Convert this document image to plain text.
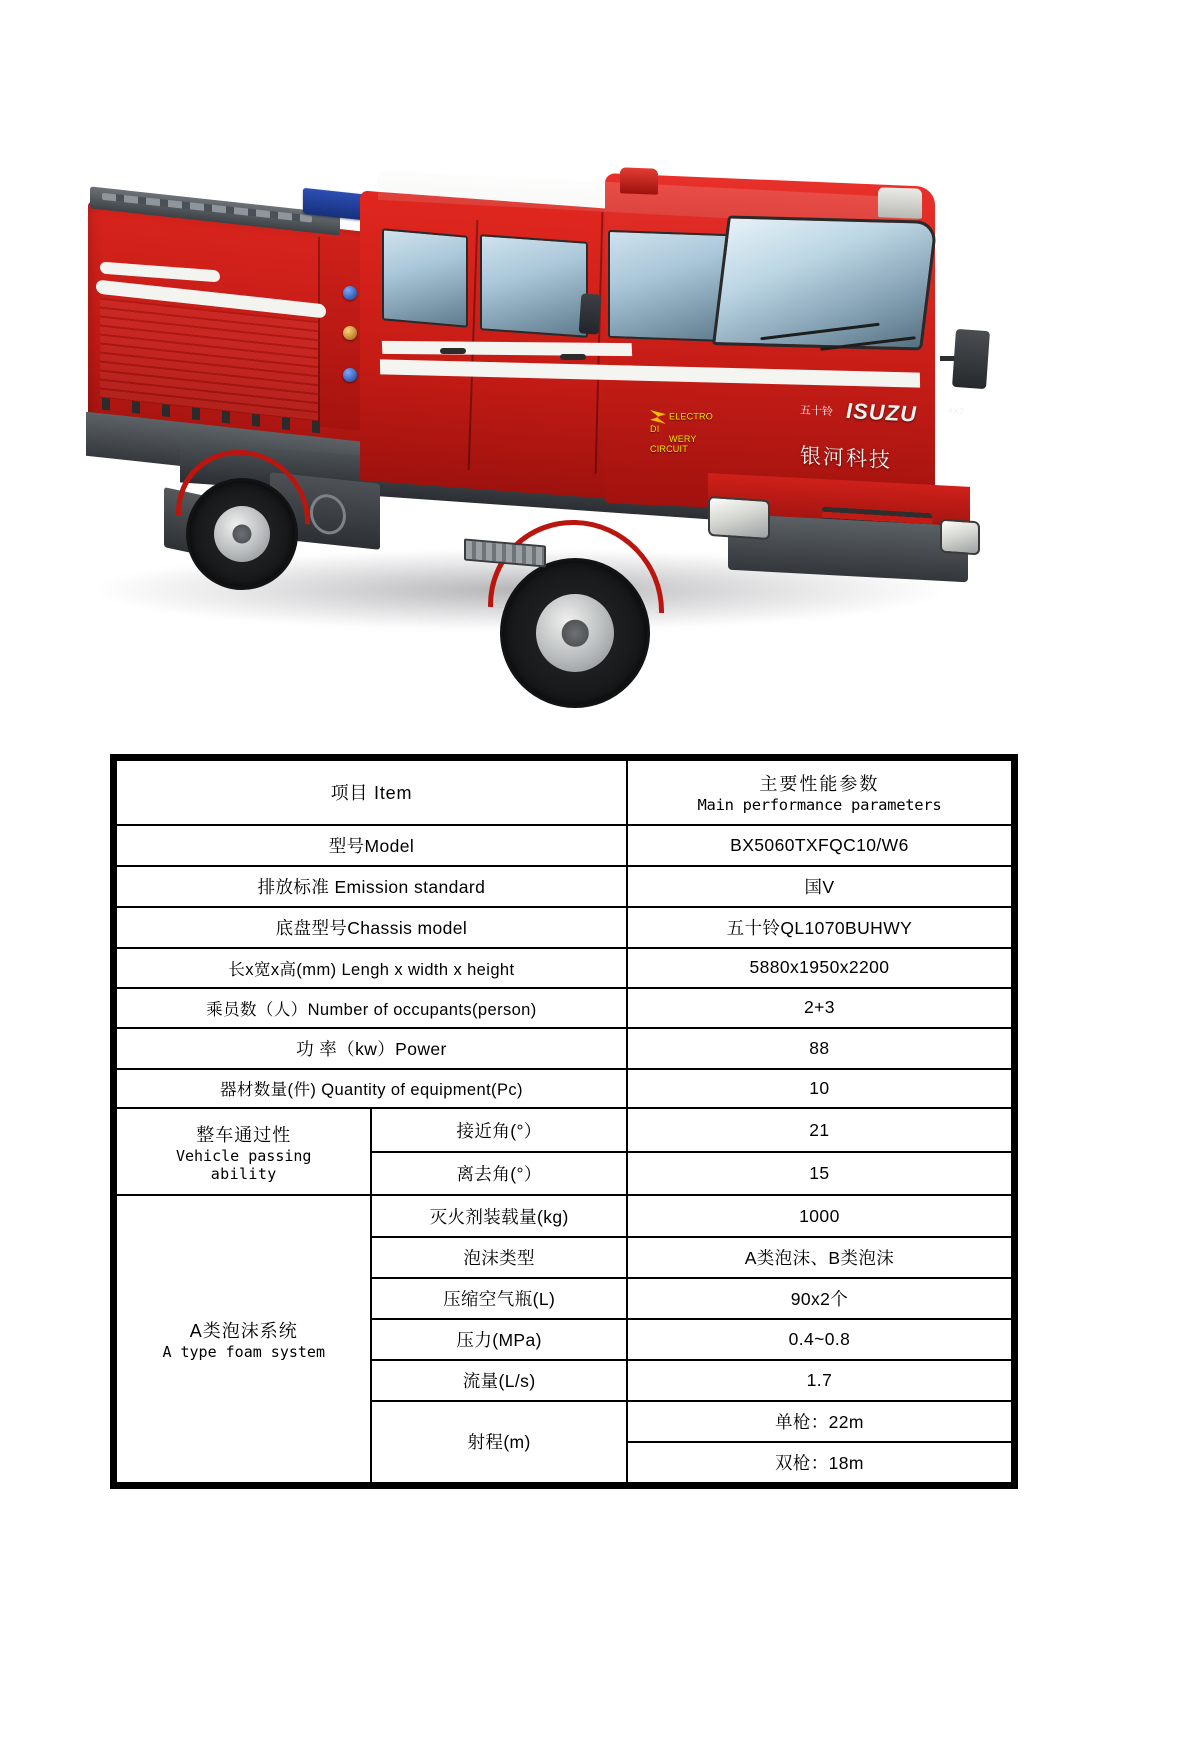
ELECTRO DI
WERY CIRCUIT
五十铃 ISUZU	4X2
银河科技
项目 Item		主要性能参数
Main performance parameters

型号Model		BX5060TXFQC10/W6
排放标准 Emission standard		国V
底盘型号Chassis model		五十铃QL1070BUHWY
长x宽x高(mm) Lengh x width x height		5880x1950x2200
乘员数（人）Number of occupants(person)		2+3
功 率（kw）Power		88
器材数量(件) Quantity of equipment(Pc)		10

整车通过性
Vehicle passing
ability	接近角(°）	21
	离去角(°）	15

A类泡沫系统
A type foam system	灭火剂装载量(kg)	1000
	泡沫类型	A类泡沫、B类泡沫
	压缩空气瓶(L)	90x2个
	压力(MPa)	0.4~0.8
	流量(L/s)	1.7
	射程(m)	单枪：22m
		双枪：18m
